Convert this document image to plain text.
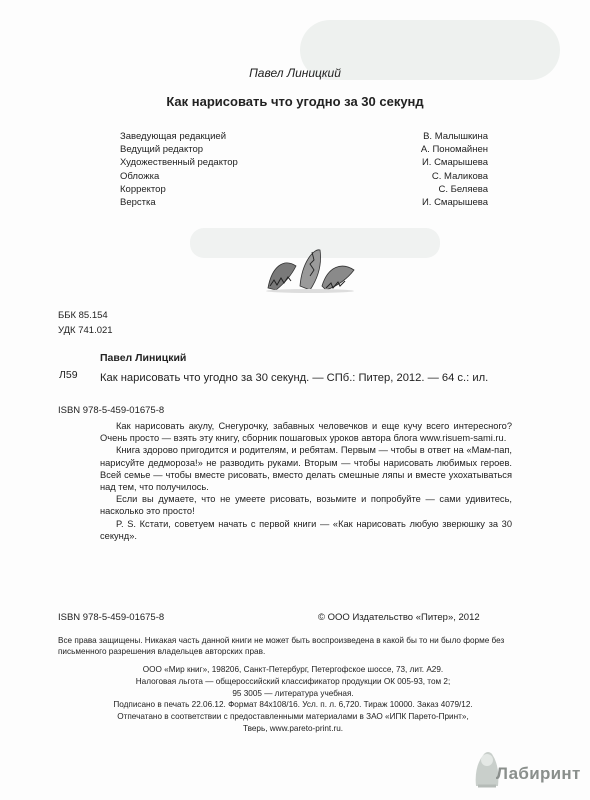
Павел Линицкий
Как нарисовать что угодно за 30 секунд
Заведующая редакцией	В. Малышкина
Ведущий редактор	А. Пономайнен
Художественный редактор	И. Смарышева
Обложка	С. Маликова
Корректор	С. Беляева
Верстка	И. Смарышева
ББК 85.154
УДК 741.021
Павел Линицкий
Л59 Как нарисовать что угодно за 30 секунд. — СПб.: Питер, 2012. — 64 с.: ил.
ISBN 978-5-459-01675-8

Как нарисовать акулу, Снегурочку, забавных человечков и еще кучу всего интересного? Очень просто — взять эту книгу, сборник пошаговых уроков автора блога www.risuem-sami.ru.

Книга здорово пригодится и родителям, и ребятам. Первым — чтобы в ответ на «Мам-пап, нарисуйте дедмороза!» не разводить руками. Вторым — чтобы нарисовать любимых героев. Всей семье — чтобы вместе рисовать, вместо делать смешные ляпы и вместе ухохатываться над тем, что получилось.

Если вы думаете, что не умеете рисовать, возьмите и попробуйте — сами удивитесь, насколько это просто!

P. S. Кстати, советуем начать с первой книги — «Как нарисовать любую зверюшку за 30 секунд».

ISBN 978-5-459-01675-8	© ООО Издательство «Питер», 2012
Все права защищены. Никакая часть данной книги не может быть воспроизведена в какой бы то ни было форме без письменного разрешения владельцев авторских прав.
ООО «Мир книг», 198206, Санкт-Петербург, Петергофское шоссе, 73, лит. А29.
Налоговая льгота — общероссийский классификатор продукции ОК 005-93, том 2;
95 3005 — литература учебная.
Подписано в печать 22.06.12. Формат 84x108/16. Усл. п. л. 6,720. Тираж 10000. Заказ 4079/12.
Отпечатано в соответствии с предоставленными материалами в ЗАО «ИПК Парето-Принт»,
Тверь, www.pareto-print.ru.
Лабиринт
